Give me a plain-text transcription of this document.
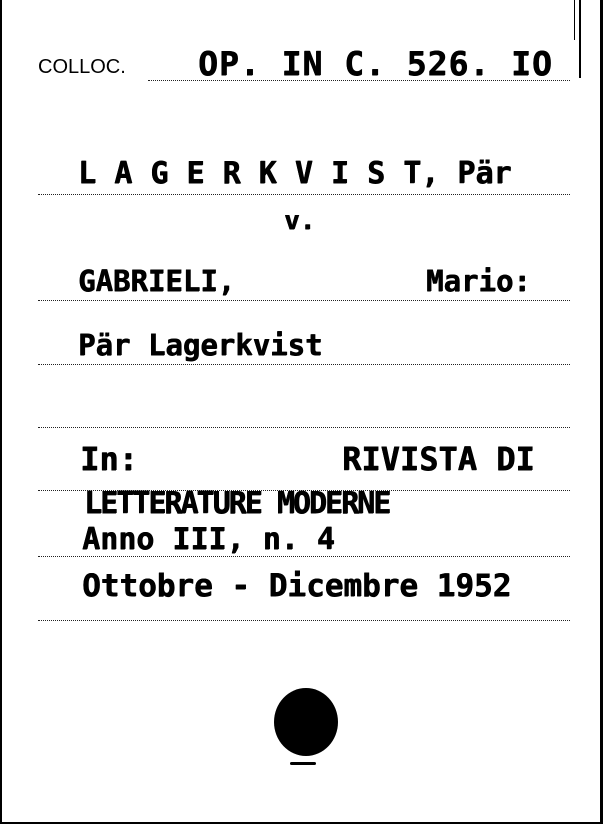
COLLOC. OP. IN C. 526. IO
L A G E R K V I S T, Pär
v.
GABRIELI,	Mario:
Pär Lagerkvist
In:	RIVISTA DI
LETTERATURE MODERNE
Anno III, n. 4
Ottobre - Dicembre 1952
